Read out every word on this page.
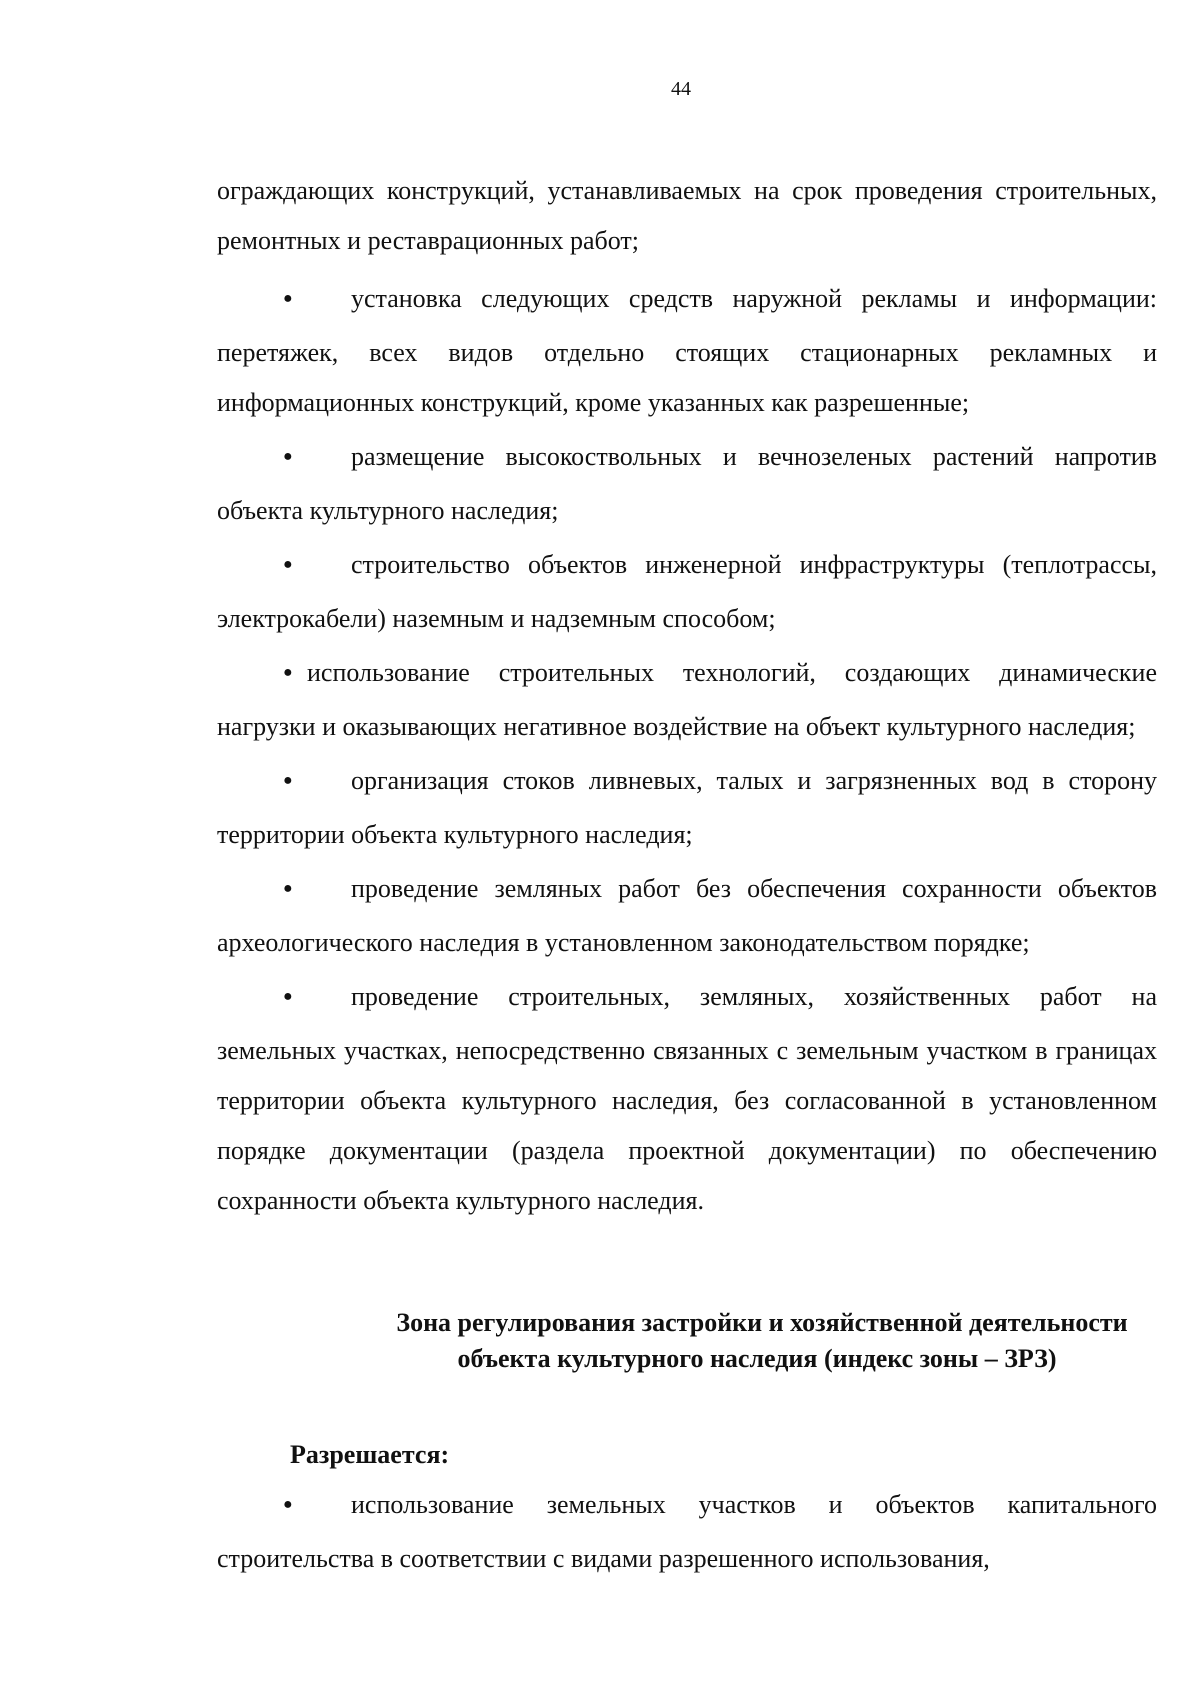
44

ограждающих конструкций, устанавливаемых на срок проведения строительных, ремонтных и реставрационных работ;

●установка следующих средств наружной рекламы и информации: перетяжек, всех видов отдельно стоящих стационарных рекламных и информационных конструкций, кроме указанных как разрешенные;

●размещение высокоствольных и вечнозеленых растений напротив объекта культурного наследия;

●строительство объектов инженерной инфраструктуры (теплотрассы, электрокабели) наземным и надземным способом;

●использование строительных технологий, создающих динамические нагрузки и оказывающих негативное воздействие на объект культурного наследия;

●организация стоков ливневых, талых и загрязненных вод в сторону территории объекта культурного наследия;

●проведение земляных работ без обеспечения сохранности объектов археологического наследия в установленном законодательством порядке;

●проведение строительных, земляных, хозяйственных работ на земельных участках, непосредственно связанных с земельным участком в границах территории объекта культурного наследия, без согласованной в установленном порядке документации (раздела проектной документации) по обеспечению сохранности объекта культурного наследия.

Зона регулирования застройки и хозяйственной деятельности
объекта культурного наследия (индекс зоны – ЗРЗ)
Разрешается:

●использование земельных участков и объектов капитального строительства в соответствии с видами разрешенного использования,
